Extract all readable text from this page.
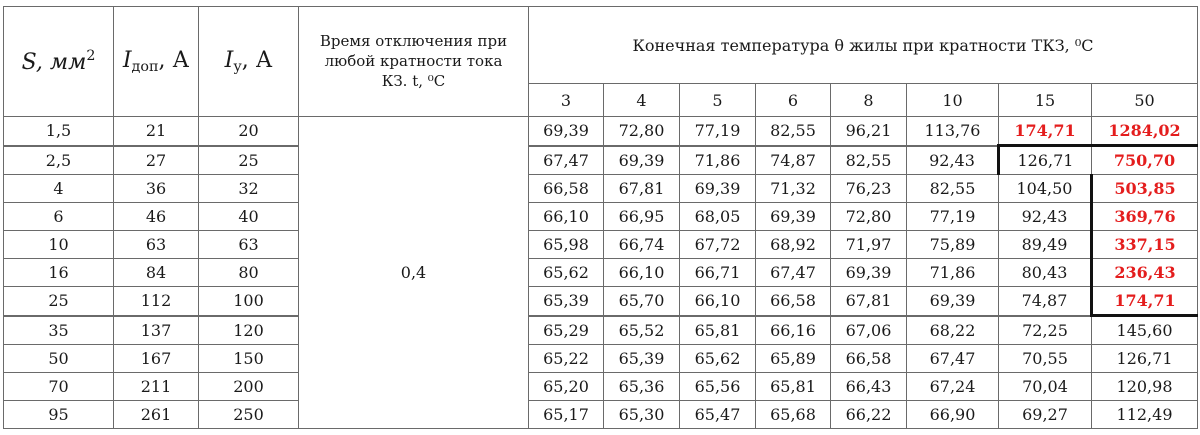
S, $мм^2$	$I_{доп}$, А	$I_у$, А	Время отключения при любой кратности тока КЗ. t, ⁰С	Конечная температура θ жилы при кратности ТКЗ, ⁰С							
				3	4	5	6	8	10	15	50
1,5	21	20	0,4	69,39	72,80	77,19	82,55	96,21	113,76	174,71	1284,02
2,5	27	25		67,47	69,39	71,86	74,87	82,55	92,43	126,71	750,70
4	36	32		66,58	67,81	69,39	71,32	76,23	82,55	104,50	503,85
6	46	40		66,10	66,95	68,05	69,39	72,80	77,19	92,43	369,76
10	63	63		65,98	66,74	67,72	68,92	71,97	75,89	89,49	337,15
16	84	80		65,62	66,10	66,71	67,47	69,39	71,86	80,43	236,43
25	112	100		65,39	65,70	66,10	66,58	67,81	69,39	74,87	174,71
35	137	120		65,29	65,52	65,81	66,16	67,06	68,22	72,25	145,60
50	167	150		65,22	65,39	65,62	65,89	66,58	67,47	70,55	126,71
70	211	200		65,20	65,36	65,56	65,81	66,43	67,24	70,04	120,98
95	261	250		65,17	65,30	65,47	65,68	66,22	66,90	69,27	112,49
